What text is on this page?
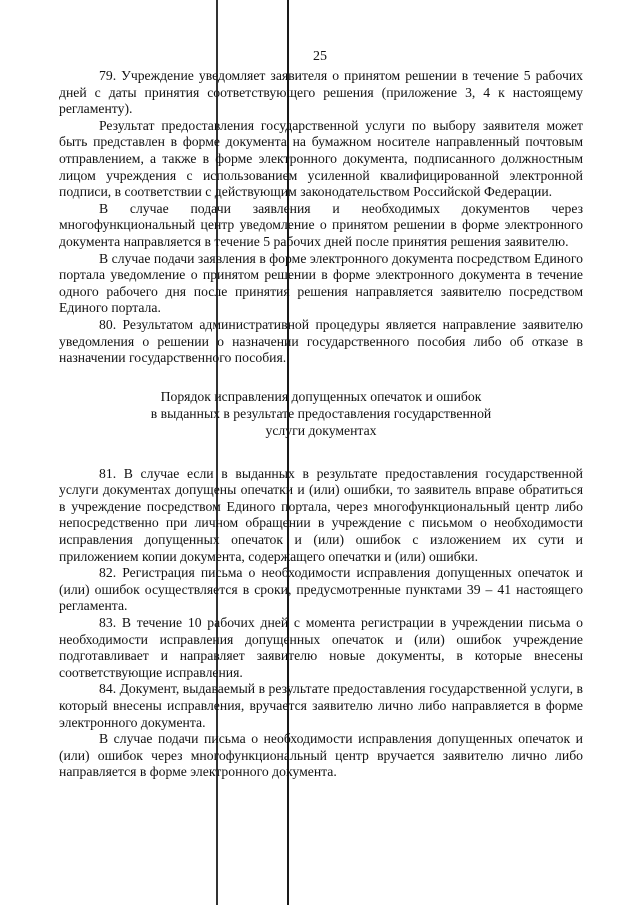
25

79. Учреждение уведомляет заявителя о принятом решении в течение 5 рабочих дней с даты принятия соответствующего решения (приложение 3, 4 к настоящему регламенту).

Результат предоставления государственной услуги по выбору заявителя может быть представлен в форме документа на бумажном носителе направленный почтовым отправлением, а также в форме электронного документа, подписанного должностным лицом учреждения с использованием усиленной квалифицированной электронной подписи, в соответствии с действующим законодательством Российской Федерации.

В случае подачи заявления и необходимых документов через многофункциональный центр уведомление о принятом решении в форме электронного документа направляется в течение 5 рабочих дней после принятия решения заявителю.

В случае подачи заявления в форме электронного документа посредством Единого портала уведомление о принятом решении в форме электронного документа в течение одного рабочего дня после принятия решения направляется заявителю посредством Единого портала.

80. Результатом административной процедуры является направление заявителю уведомления о решении о назначении государственного пособия либо об отказе в назначении государственного пособия.

Порядок исправления допущенных опечаток и ошибок
в выданных в результате предоставления государственной
услуги документах

81. В случае если в выданных в результате предоставления государственной услуги документах допущены опечатки и (или) ошибки, то заявитель вправе обратиться в учреждение посредством Единого портала, через многофункциональный центр либо непосредственно при личном обращении в учреждение с письмом о необходимости исправления допущенных опечаток и (или) ошибок с изложением их сути и приложением копии документа, содержащего опечатки и (или) ошибки.

82. Регистрация письма о необходимости исправления допущенных опечаток и (или) ошибок осуществляется в сроки, предусмотренные пунктами 39 – 41 настоящего регламента.

83. В течение 10 рабочих дней с момента регистрации в учреждении письма о необходимости исправления допущенных опечаток и (или) ошибок учреждение подготавливает и направляет заявителю новые документы, в которые внесены соответствующие исправления.

84. Документ, выдаваемый в результате предоставления государственной услуги, в который внесены исправления, вручается заявителю лично либо направляется в форме электронного документа.

В случае подачи письма о необходимости исправления допущенных опечаток и (или) ошибок через многофункциональный центр вручается заявителю лично либо направляется в форме электронного документа.
